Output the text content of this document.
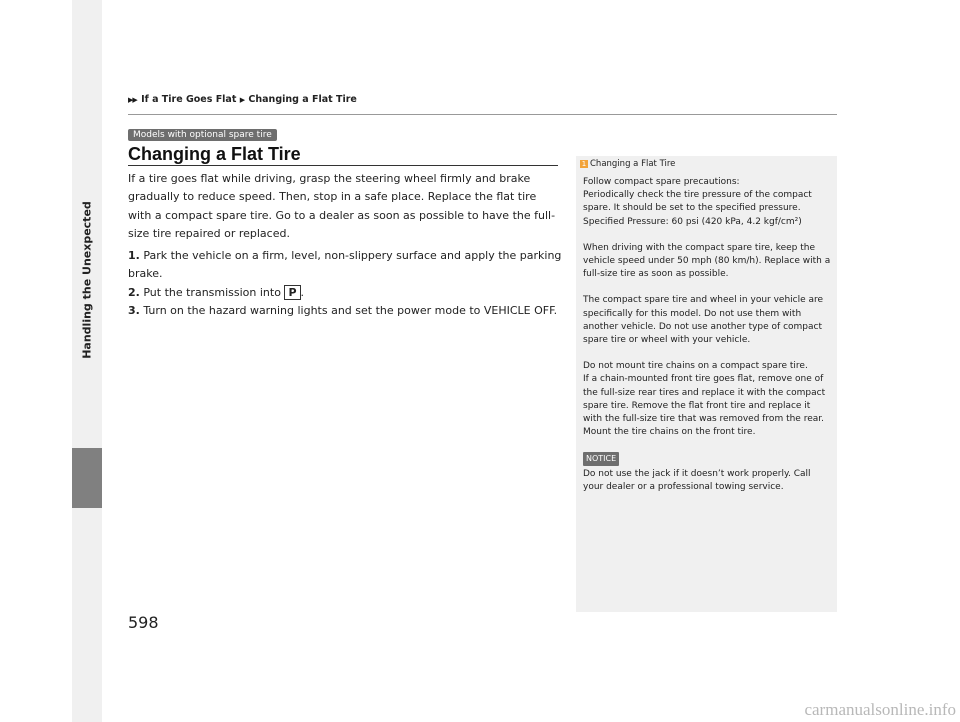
Handling the Unexpected
▶▶ If a Tire Goes Flat ▶ Changing a Flat Tire
Models with optional spare tire
Changing a Flat Tire
If a tire goes flat while driving, grasp the steering wheel firmly and brake gradually to reduce speed. Then, stop in a safe place. Replace the flat tire with a compact spare tire. Go to a dealer as soon as possible to have the full-size tire repaired or replaced.
1. Park the vehicle on a firm, level, non-slippery surface and apply the parking brake.
2. Put the transmission into P .
3. Turn on the hazard warning lights and set the power mode to VEHICLE OFF.
1 Changing a Flat Tire

Follow compact spare precautions:
Periodically check the tire pressure of the compact spare. It should be set to the specified pressure.
Specified Pressure: 60 psi (420 kPa, 4.2 kgf/cm²)

When driving with the compact spare tire, keep the vehicle speed under 50 mph (80 km/h). Replace with a full-size tire as soon as possible.

The compact spare tire and wheel in your vehicle are specifically for this model. Do not use them with another vehicle. Do not use another type of compact spare tire or wheel with your vehicle.

Do not mount tire chains on a compact spare tire.
If a chain-mounted front tire goes flat, remove one of the full-size rear tires and replace it with the compact spare tire. Remove the flat front tire and replace it with the full-size tire that was removed from the rear. Mount the tire chains on the front tire.

NOTICE

Do not use the jack if it doesn’t work properly. Call your dealer or a professional towing service.

598
carmanualsonline.info
